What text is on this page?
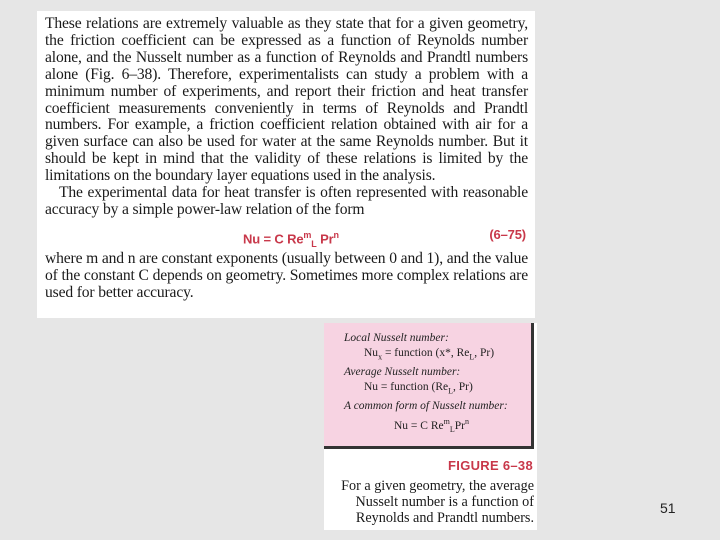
These relations are extremely valuable as they state that for a given geometry, the friction coefficient can be expressed as a function of Reynolds number alone, and the Nusselt number as a function of Reynolds and Prandtl numbers alone (Fig. 6–38). Therefore, experimentalists can study a problem with a minimum number of experiments, and report their friction and heat transfer coefficient measurements conveniently in terms of Reynolds and Prandtl numbers. For example, a friction coefficient relation obtained with air for a given surface can also be used for water at the same Reynolds number. But it should be kept in mind that the validity of these relations is limited by the limitations on the boundary layer equations used in the analysis.

The experimental data for heat transfer is often represented with reasonable accuracy by a simple power-law relation of the form

Nu = C $Re^m_L$ Pr$^n$	(6–75)

where m and n are constant exponents (usually between 0 and 1), and the value of the constant C depends on geometry. Sometimes more complex relations are used for better accuracy.

Local Nusselt number:
$Nu_x$ = function (x*, $Re_L$, Pr)
Average Nusselt number:
Nu = function ($Re_L$, Pr)
A common form of Nusselt number:
Nu = C $Re^m_LPr^n$
FIGURE 6–38
For a given geometry, the average Nusselt number is a function of Reynolds and Prandtl numbers.
51
